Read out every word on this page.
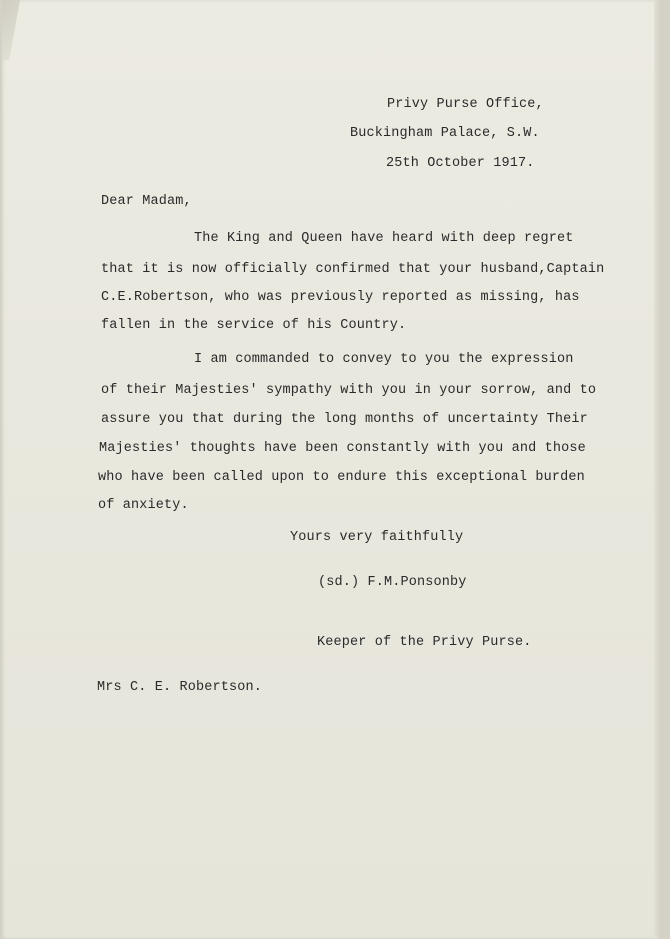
Privy Purse Office,

Buckingham Palace, S.W.

25th October 1917.

Dear Madam,

The King and Queen have heard with deep regret

that it is now officially confirmed that your husband,Captain

C.E.Robertson, who was previously reported as missing, has

fallen in the service of his Country.

I am commanded to convey to you the expression

of their Majesties' sympathy with you in your sorrow, and to

assure you that during the long months of uncertainty Their

Majesties' thoughts have been constantly with you and those

who have been called upon to endure this exceptional burden

of anxiety.

Yours very faithfully

(sd.) F.M.Ponsonby

Keeper of the Privy Purse.

Mrs C. E. Robertson.
